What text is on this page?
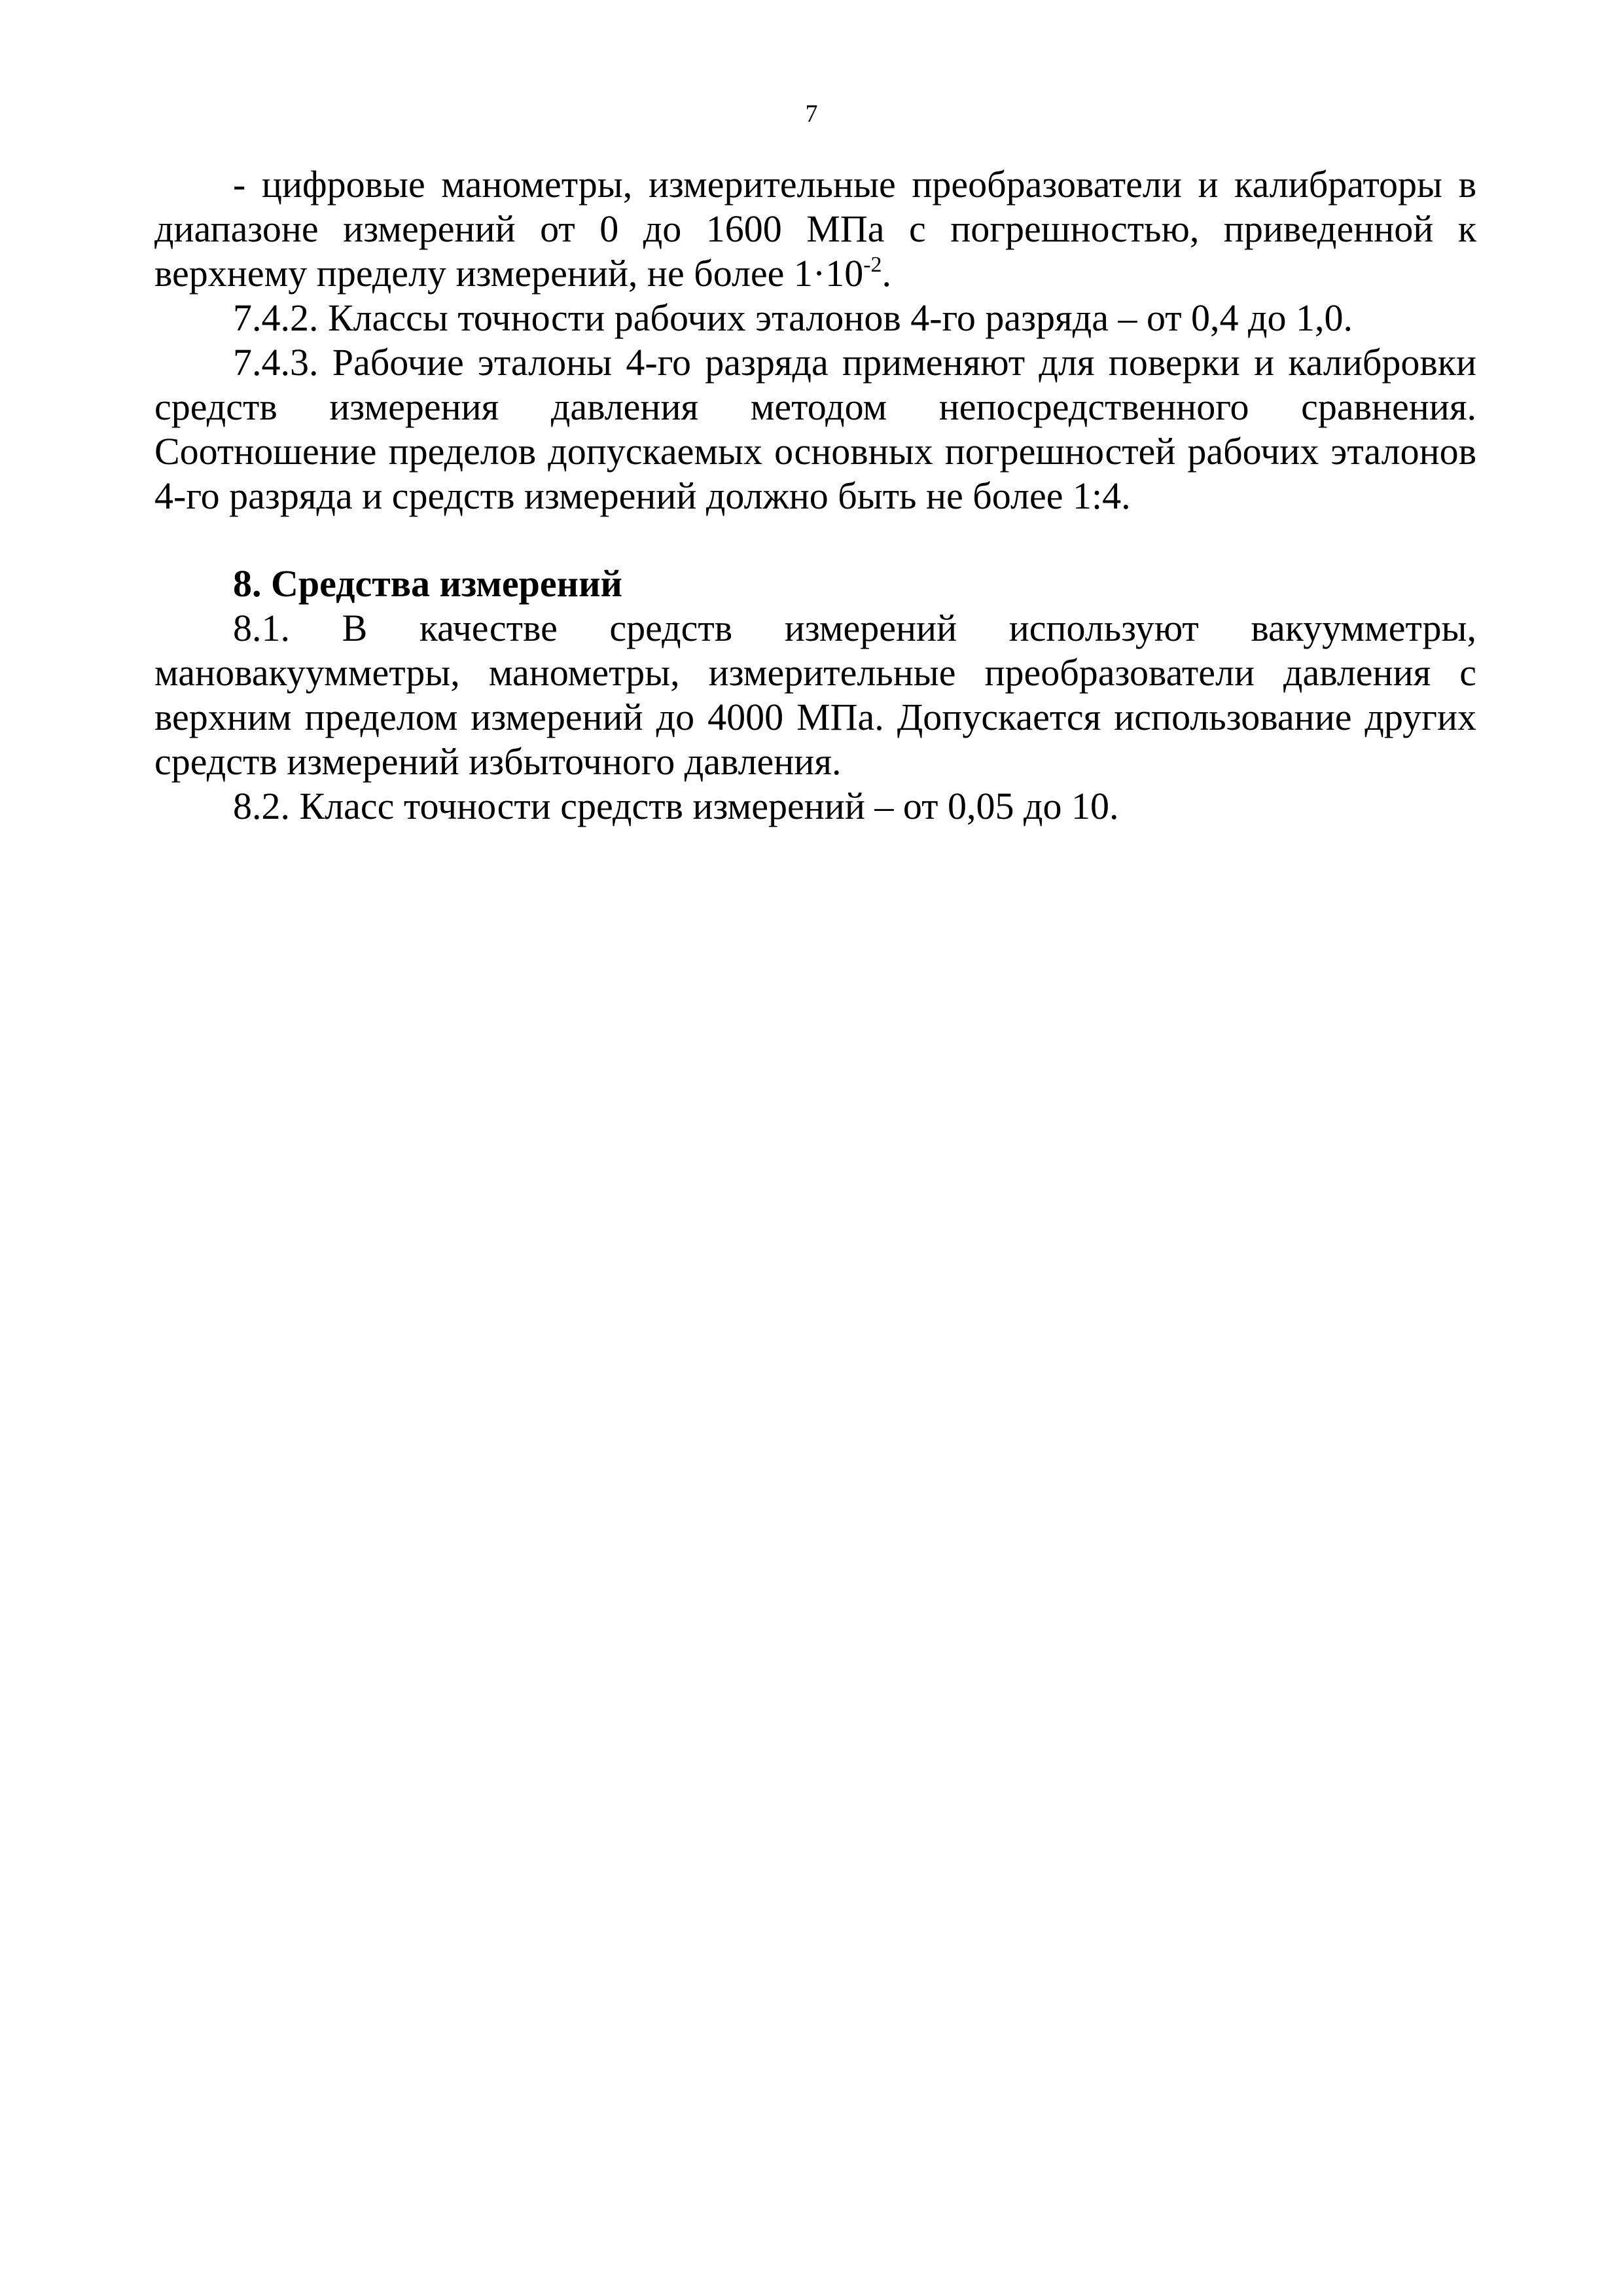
7

- цифровые манометры, измерительные преобразователи и калибраторы в диапазоне измерений от 0 до 1600 МПа с погрешностью, приведенной к верхнему пределу измерений, не более $1\cdot 10^{-2}$.

7.4.2. Классы точности рабочих эталонов 4-го разряда – от 0,4 до 1,0.

7.4.3. Рабочие эталоны 4-го разряда применяют для поверки и калибровки средств измерения давления методом непосредственного сравнения. Соотношение пределов допускаемых основных погрешностей рабочих эталонов 4-го разряда и средств измерений должно быть не более 1:4.

8. Средства измерений

8.1. В качестве средств измерений используют вакуумметры, мановакуумметры, манометры, измерительные преобразователи давления с верхним пределом измерений до 4000 МПа. Допускается использование других средств измерений избыточного давления.

8.2. Класс точности средств измерений – от 0,05 до 10.
